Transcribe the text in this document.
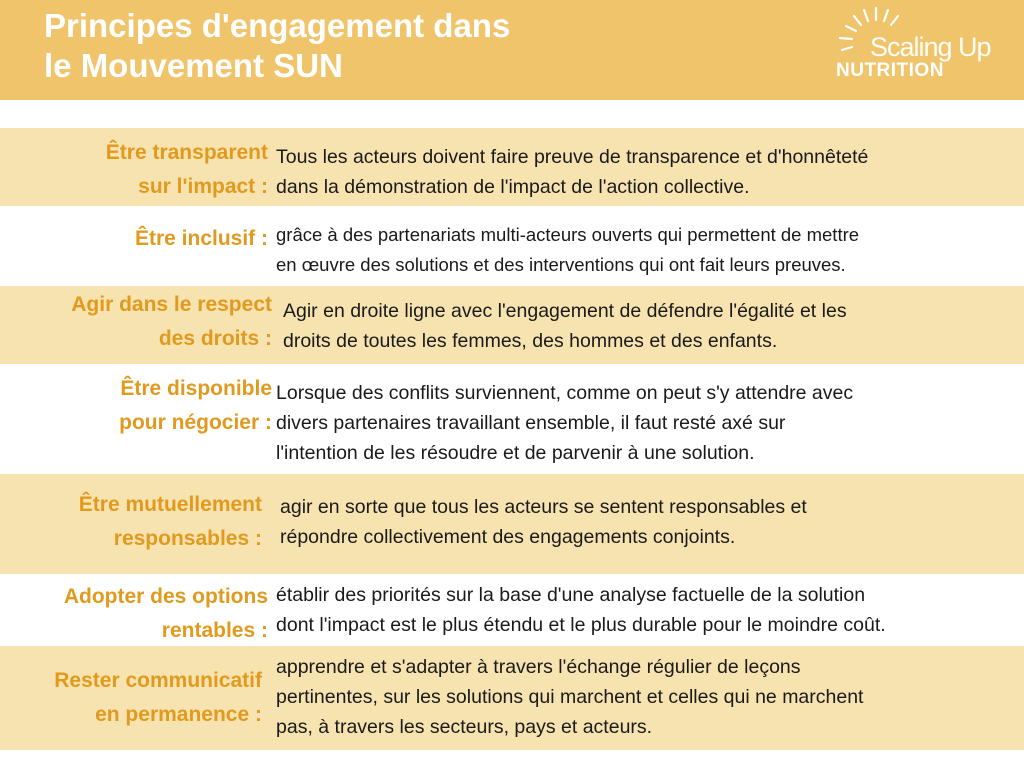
Principes d'engagement dans
le Mouvement SUN	Scaling Up
NUTRITION
Être transparent
sur l'impact :
Tous les acteurs doivent faire preuve de transparence et d'honnêteté
dans la démonstration de l'impact de l'action collective.
Être inclusif : grâce à des partenariats multi-acteurs ouverts qui permettent de mettre
en œuvre des solutions et des interventions qui ont fait leurs preuves.
Agir dans le respect
des droits :
Agir en droite ligne avec l'engagement de défendre l'égalité et les
droits de toutes les femmes, des hommes et des enfants.
Être disponible
pour négocier :
Lorsque des conflits surviennent, comme on peut s'y attendre avec
divers partenaires travaillant ensemble, il faut resté axé sur
l'intention de les résoudre et de parvenir à une solution.
Être mutuellement
responsables :
agir en sorte que tous les acteurs se sentent responsables et
répondre collectivement des engagements conjoints.
Adopter des options
rentables :
établir des priorités sur la base d'une analyse factuelle de la solution
dont l'impact est le plus étendu et le plus durable pour le moindre coût.
Rester communicatif
en permanence :
apprendre et s'adapter à travers l'échange régulier de leçons
pertinentes, sur les solutions qui marchent et celles qui ne marchent
pas, à travers les secteurs, pays et acteurs.
